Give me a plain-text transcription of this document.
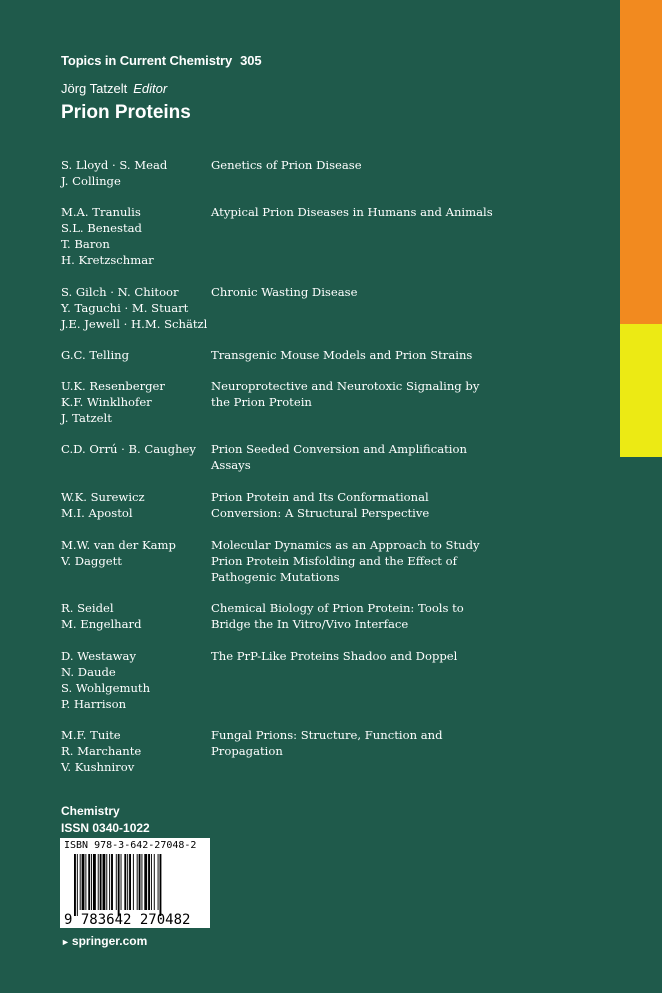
Topics in Current Chemistry 305
Jörg Tatzelt Editor
Prion Proteins
S. Lloyd · S. Mead
J. Collinge
Genetics of Prion Disease
M.A. Tranulis
S.L. Benestad
T. Baron
H. Kretzschmar
Atypical Prion Diseases in Humans and Animals
S. Gilch · N. Chitoor
Y. Taguchi · M. Stuart
J.E. Jewell · H.M. Schätzl
Chronic Wasting Disease
G.C. Telling	Transgenic Mouse Models and Prion Strains
U.K. Resenberger
K.F. Winklhofer
J. Tatzelt
Neuroprotective and Neurotoxic Signaling by
the Prion Protein
C.D. Orrú · B. Caughey	Prion Seeded Conversion and Amplification
Assays
W.K. Surewicz
M.I. Apostol
Prion Protein and Its Conformational
Conversion: A Structural Perspective
M.W. van der Kamp
V. Daggett
Molecular Dynamics as an Approach to Study
Prion Protein Misfolding and the Effect of
Pathogenic Mutations
R. Seidel
M. Engelhard
Chemical Biology of Prion Protein: Tools to
Bridge the In Vitro/Vivo Interface
D. Westaway
N. Daude
S. Wohlgemuth
P. Harrison
The PrP-Like Proteins Shadoo and Doppel
M.F. Tuite
R. Marchante
V. Kushnirov
Fungal Prions: Structure, Function and
Propagation
Chemistry
ISSN 0340-1022
9 783642 270482
ISBN 978-3-642-27048-2
► springer.com
